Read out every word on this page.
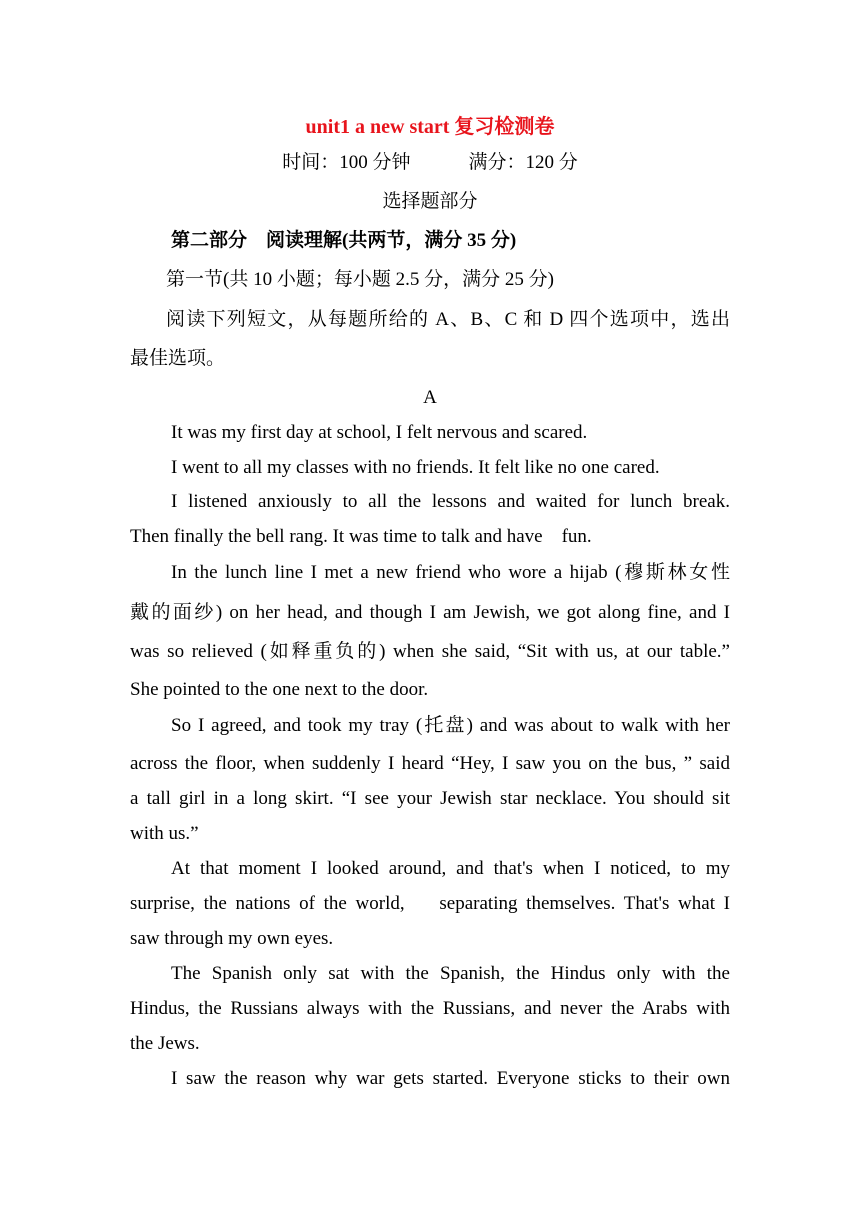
unit1 a new start 复习检测卷
时间：100 分钟	满分：120 分
选择题部分
第二部分　阅读理解(共两节，满分 35 分)
第一节(共 10 小题；每小题 2.5 分，满分 25 分)
阅读下列短文，从每题所给的 A、B、C 和 D 四个选项中，选出
最佳选项。
A
It was my first day at school, I felt nervous and scared.
I went to all my classes with no friends. It felt like no one cared.
I listened anxiously to all the lessons and waited for lunch break.
Then finally the bell rang. It was time to talk and have    fun.
In the lunch line I met a new friend who wore a hijab (穆斯林女性
戴的面纱) on her head, and though I am Jewish, we got along fine, and I
was so relieved (如释重负的) when she said, “Sit with us, at our table.”
She pointed to the one next to the door.
So I agreed, and took my tray (托盘) and was about to walk with her
across the floor, when suddenly I heard “Hey, I saw you on the bus, ” said
a tall girl in a long skirt. “I see your Jewish star necklace. You should sit
with us.”
At that moment I looked around, and that's when I noticed, to my
surprise, the nations of the world,    separating themselves. That's what I
saw through my own eyes.
The Spanish only sat with the Spanish, the Hindus only with the
Hindus, the Russians always with the Russians, and never the Arabs with
the Jews.
I saw the reason why war gets started. Everyone sticks to their own
